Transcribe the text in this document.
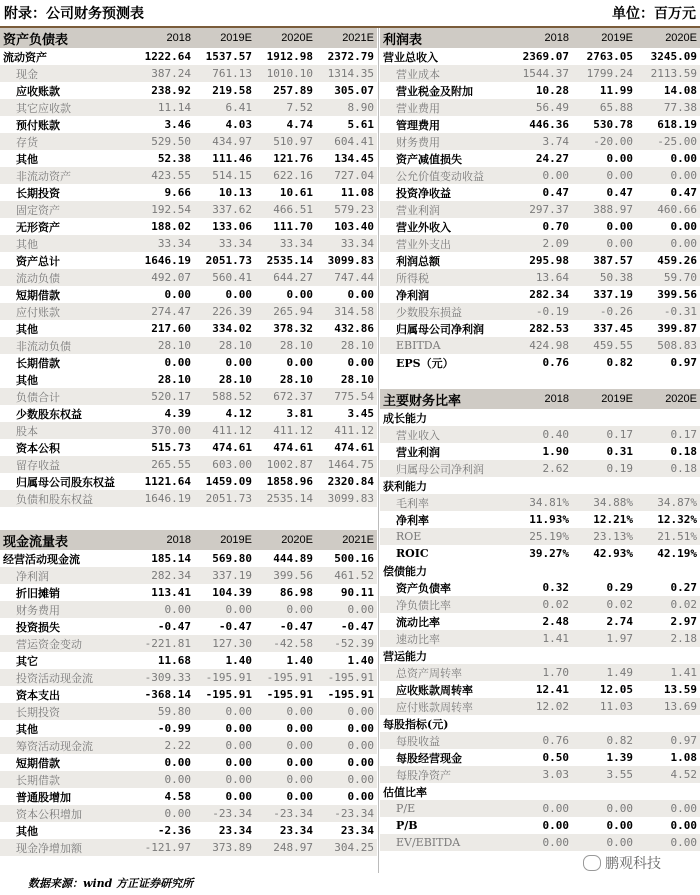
附录：公司财务预测表	单位：百万元
资产负债表	2018	2019E	2020E	2021E
流动资产	1222.64	1537.57	1912.98	2372.79
现金	387.24	761.13	1010.10	1314.35
应收账款	238.92	219.58	257.89	305.07
其它应收款	11.14	6.41	7.52	8.90
预付账款	3.46	4.03	4.74	5.61
存货	529.50	434.97	510.97	604.41
其他	52.38	111.46	121.76	134.45
非流动资产	423.55	514.15	622.16	727.04
长期投资	9.66	10.13	10.61	11.08
固定资产	192.54	337.62	466.51	579.23
无形资产	188.02	133.06	111.70	103.40
其他	33.34	33.34	33.34	33.34
资产总计	1646.19	2051.73	2535.14	3099.83
流动负债	492.07	560.41	644.27	747.44
短期借款	0.00	0.00	0.00	0.00
应付账款	274.47	226.39	265.94	314.58
其他	217.60	334.02	378.32	432.86
非流动负债	28.10	28.10	28.10	28.10
长期借款	0.00	0.00	0.00	0.00
其他	28.10	28.10	28.10	28.10
负债合计	520.17	588.52	672.37	775.54
少数股东权益	4.39	4.12	3.81	3.45
股本	370.00	411.12	411.12	411.12
资本公积	515.73	474.61	474.61	474.61
留存收益	265.55	603.00	1002.87	1464.75
归属母公司股东权益	1121.64	1459.09	1858.96	2320.84
负债和股东权益	1646.19	2051.73	2535.14	3099.83
现金流量表	2018	2019E	2020E	2021E
经营活动现金流	185.14	569.80	444.89	500.16
净利润	282.34	337.19	399.56	461.52
折旧摊销	113.41	104.39	86.98	90.11
财务费用	0.00	0.00	0.00	0.00
投资损失	-0.47	-0.47	-0.47	-0.47
营运资金变动	-221.81	127.30	-42.58	-52.39
其它	11.68	1.40	1.40	1.40
投资活动现金流	-309.33	-195.91	-195.91	-195.91
资本支出	-368.14	-195.91	-195.91	-195.91
长期投资	59.80	0.00	0.00	0.00
其他	-0.99	0.00	0.00	0.00
筹资活动现金流	2.22	0.00	0.00	0.00
短期借款	0.00	0.00	0.00	0.00
长期借款	0.00	0.00	0.00	0.00
普通股增加	4.58	0.00	0.00	0.00
资本公积增加	0.00	-23.34	-23.34	-23.34
其他	-2.36	23.34	23.34	23.34
现金净增加额	-121.97	373.89	248.97	304.25
利润表	2018	2019E	2020E
营业总收入	2369.07	2763.05	3245.09
营业成本	1544.37	1799.24	2113.59
营业税金及附加	10.28	11.99	14.08
营业费用	56.49	65.88	77.38
管理费用	446.36	530.78	618.19
财务费用	3.74	-20.00	-25.00
资产减值损失	24.27	0.00	0.00
公允价值变动收益	0.00	0.00	0.00
投资净收益	0.47	0.47	0.47
营业利润	297.37	388.97	460.66
营业外收入	0.70	0.00	0.00
营业外支出	2.09	0.00	0.00
利润总额	295.98	387.57	459.26
所得税	13.64	50.38	59.70
净利润	282.34	337.19	399.56
少数股东损益	-0.19	-0.26	-0.31
归属母公司净利润	282.53	337.45	399.87
EBITDA	424.98	459.55	508.83
EPS（元）	0.76	0.82	0.97
主要财务比率	2018	2019E	2020E
成长能力			
营业收入	0.40	0.17	0.17
营业利润	1.90	0.31	0.18
归属母公司净利润	2.62	0.19	0.18
获利能力			
毛利率	34.81%	34.88%	34.87%
净利率	11.93%	12.21%	12.32%
ROE	25.19%	23.13%	21.51%
ROIC	39.27%	42.93%	42.19%
偿债能力			
资产负债率	0.32	0.29	0.27
净负债比率	0.02	0.02	0.02
流动比率	2.48	2.74	2.97
速动比率	1.41	1.97	2.18
营运能力			
总资产周转率	1.70	1.49	1.41
应收账款周转率	12.41	12.05	13.59
应付账款周转率	12.02	11.03	13.69
每股指标(元)			
每股收益	0.76	0.82	0.97
每股经营现金	0.50	1.39	1.08
每股净资产	3.03	3.55	4.52
估值比率			
P/E	0.00	0.00	0.00
P/B	0.00	0.00	0.00
EV/EBITDA	0.00	0.00	0.00
数据来源：wind 方正证券研究所
鹏观科技
